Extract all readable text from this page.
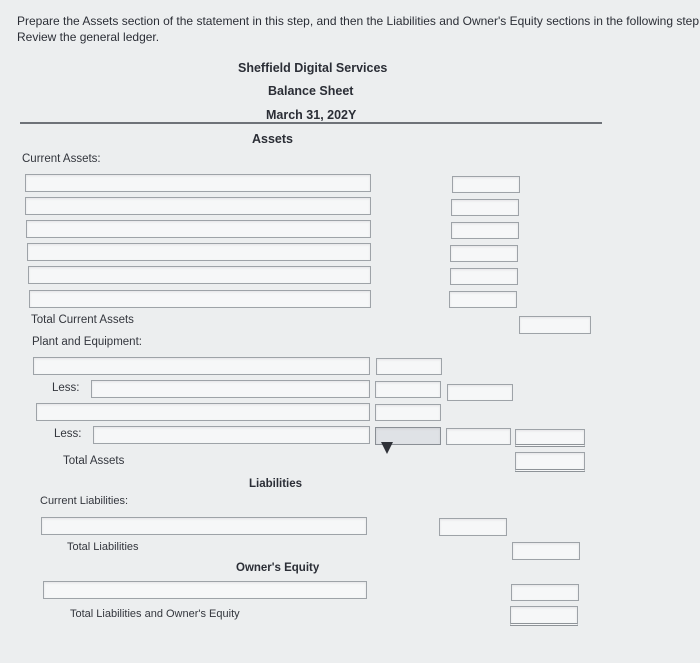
Prepare the Assets section of the statement in this step, and then the Liabilities and Owner's Equity sections in the following step
Review the general ledger.
Sheffield Digital Services
Balance Sheet
March 31, 202Y
Assets
Current Assets:
Total Current Assets
Plant and Equipment:
Less:
Less:
Total Assets
Liabilities
Current Liabilities:
Total Liabilities
Owner's Equity
Total Liabilities and Owner's Equity
